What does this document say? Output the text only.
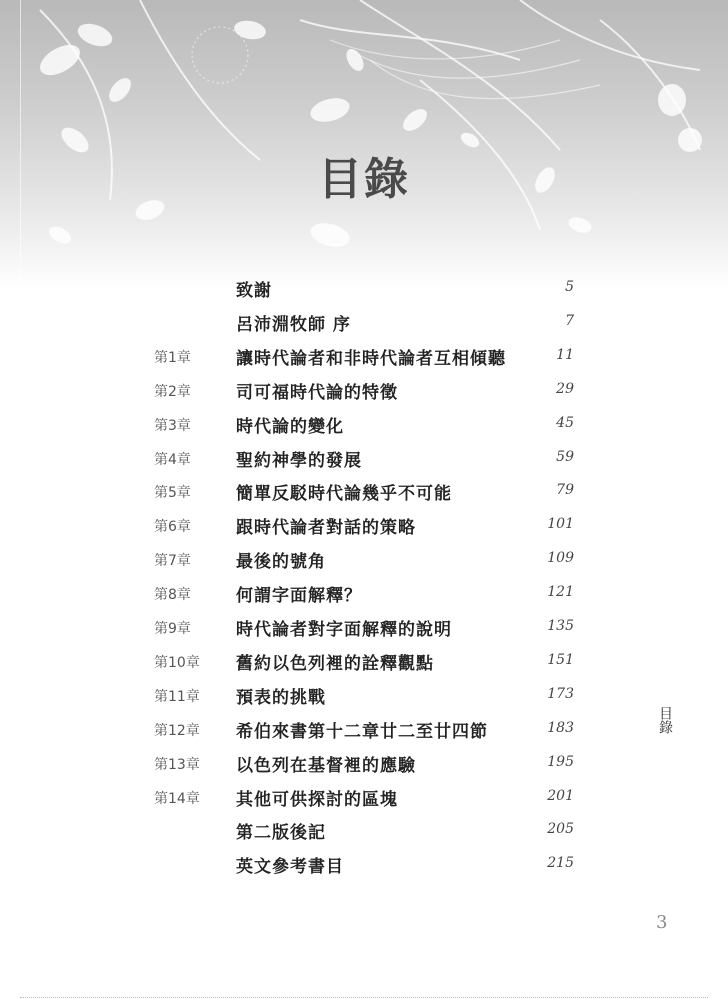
目錄
致謝	5
呂沛淵牧師 序	7
第1章	讓時代論者和非時代論者互相傾聽	11
第2章	司可福時代論的特徵	29
第3章	時代論的變化	45
第4章	聖約神學的發展	59
第5章	簡單反駁時代論幾乎不可能	79
第6章	跟時代論者對話的策略	101
第7章	最後的號角	109
第8章	何謂字面解釋？	121
第9章	時代論者對字面解釋的說明	135
第10章 舊約以色列裡的詮釋觀點	151
第11章 預表的挑戰	173
第12章 希伯來書第十二章廿二至廿四節	183
第13章 以色列在基督裡的應驗	195
第14章 其他可供探討的區塊	201
第二版後記	205
英文參考書目	215
目錄
3
